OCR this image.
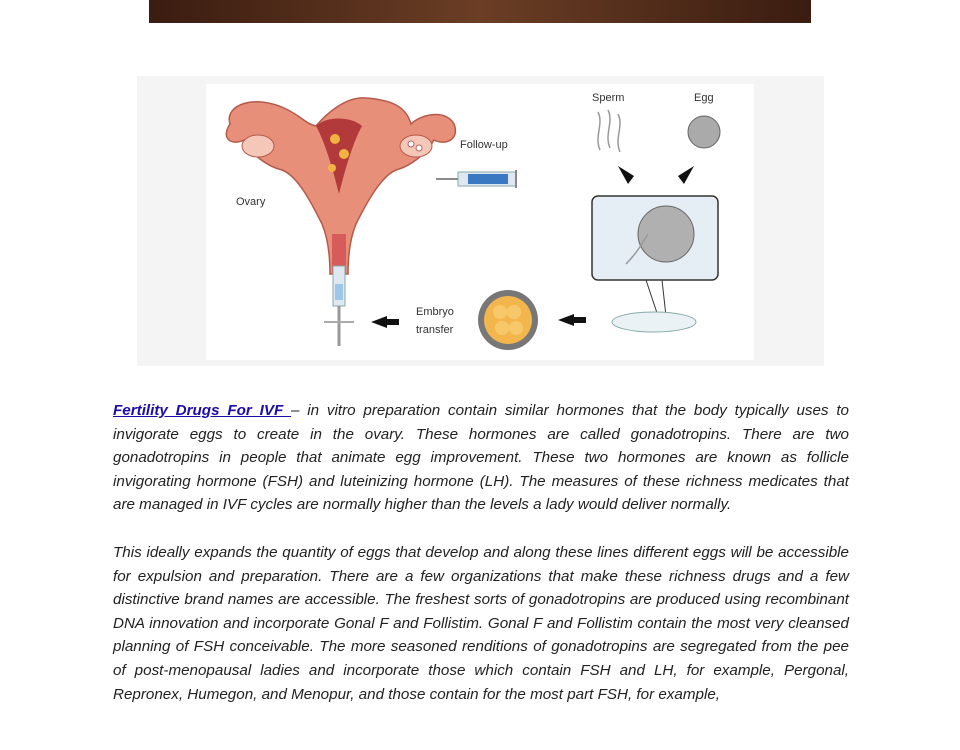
Ovary
Follow-up
Sperm	Egg
Embryo
transfer

Fertility Drugs For IVF – in vitro preparation contain similar hormones that the body typically uses to invigorate eggs to create in the ovary. These hormones are called gonadotropins. There are two gonadotropins in people that animate egg improvement. These two hormones are known as follicle invigorating hormone (FSH) and luteinizing hormone (LH). The measures of these richness medicates that are managed in IVF cycles are normally higher than the levels a lady would deliver normally.

This ideally expands the quantity of eggs that develop and along these lines different eggs will be accessible for expulsion and preparation. There are a few organizations that make these richness drugs and a few distinctive brand names are accessible. The freshest sorts of gonadotropins are produced using recombinant DNA innovation and incorporate Gonal F and Follistim. Gonal F and Follistim contain the most very cleansed planning of FSH conceivable. The more seasoned renditions of gonadotropins are segregated from the pee of post-menopausal ladies and incorporate those which contain FSH and LH, for example, Pergonal, Repronex, Humegon, and Menopur, and those contain for the most part FSH, for example,
